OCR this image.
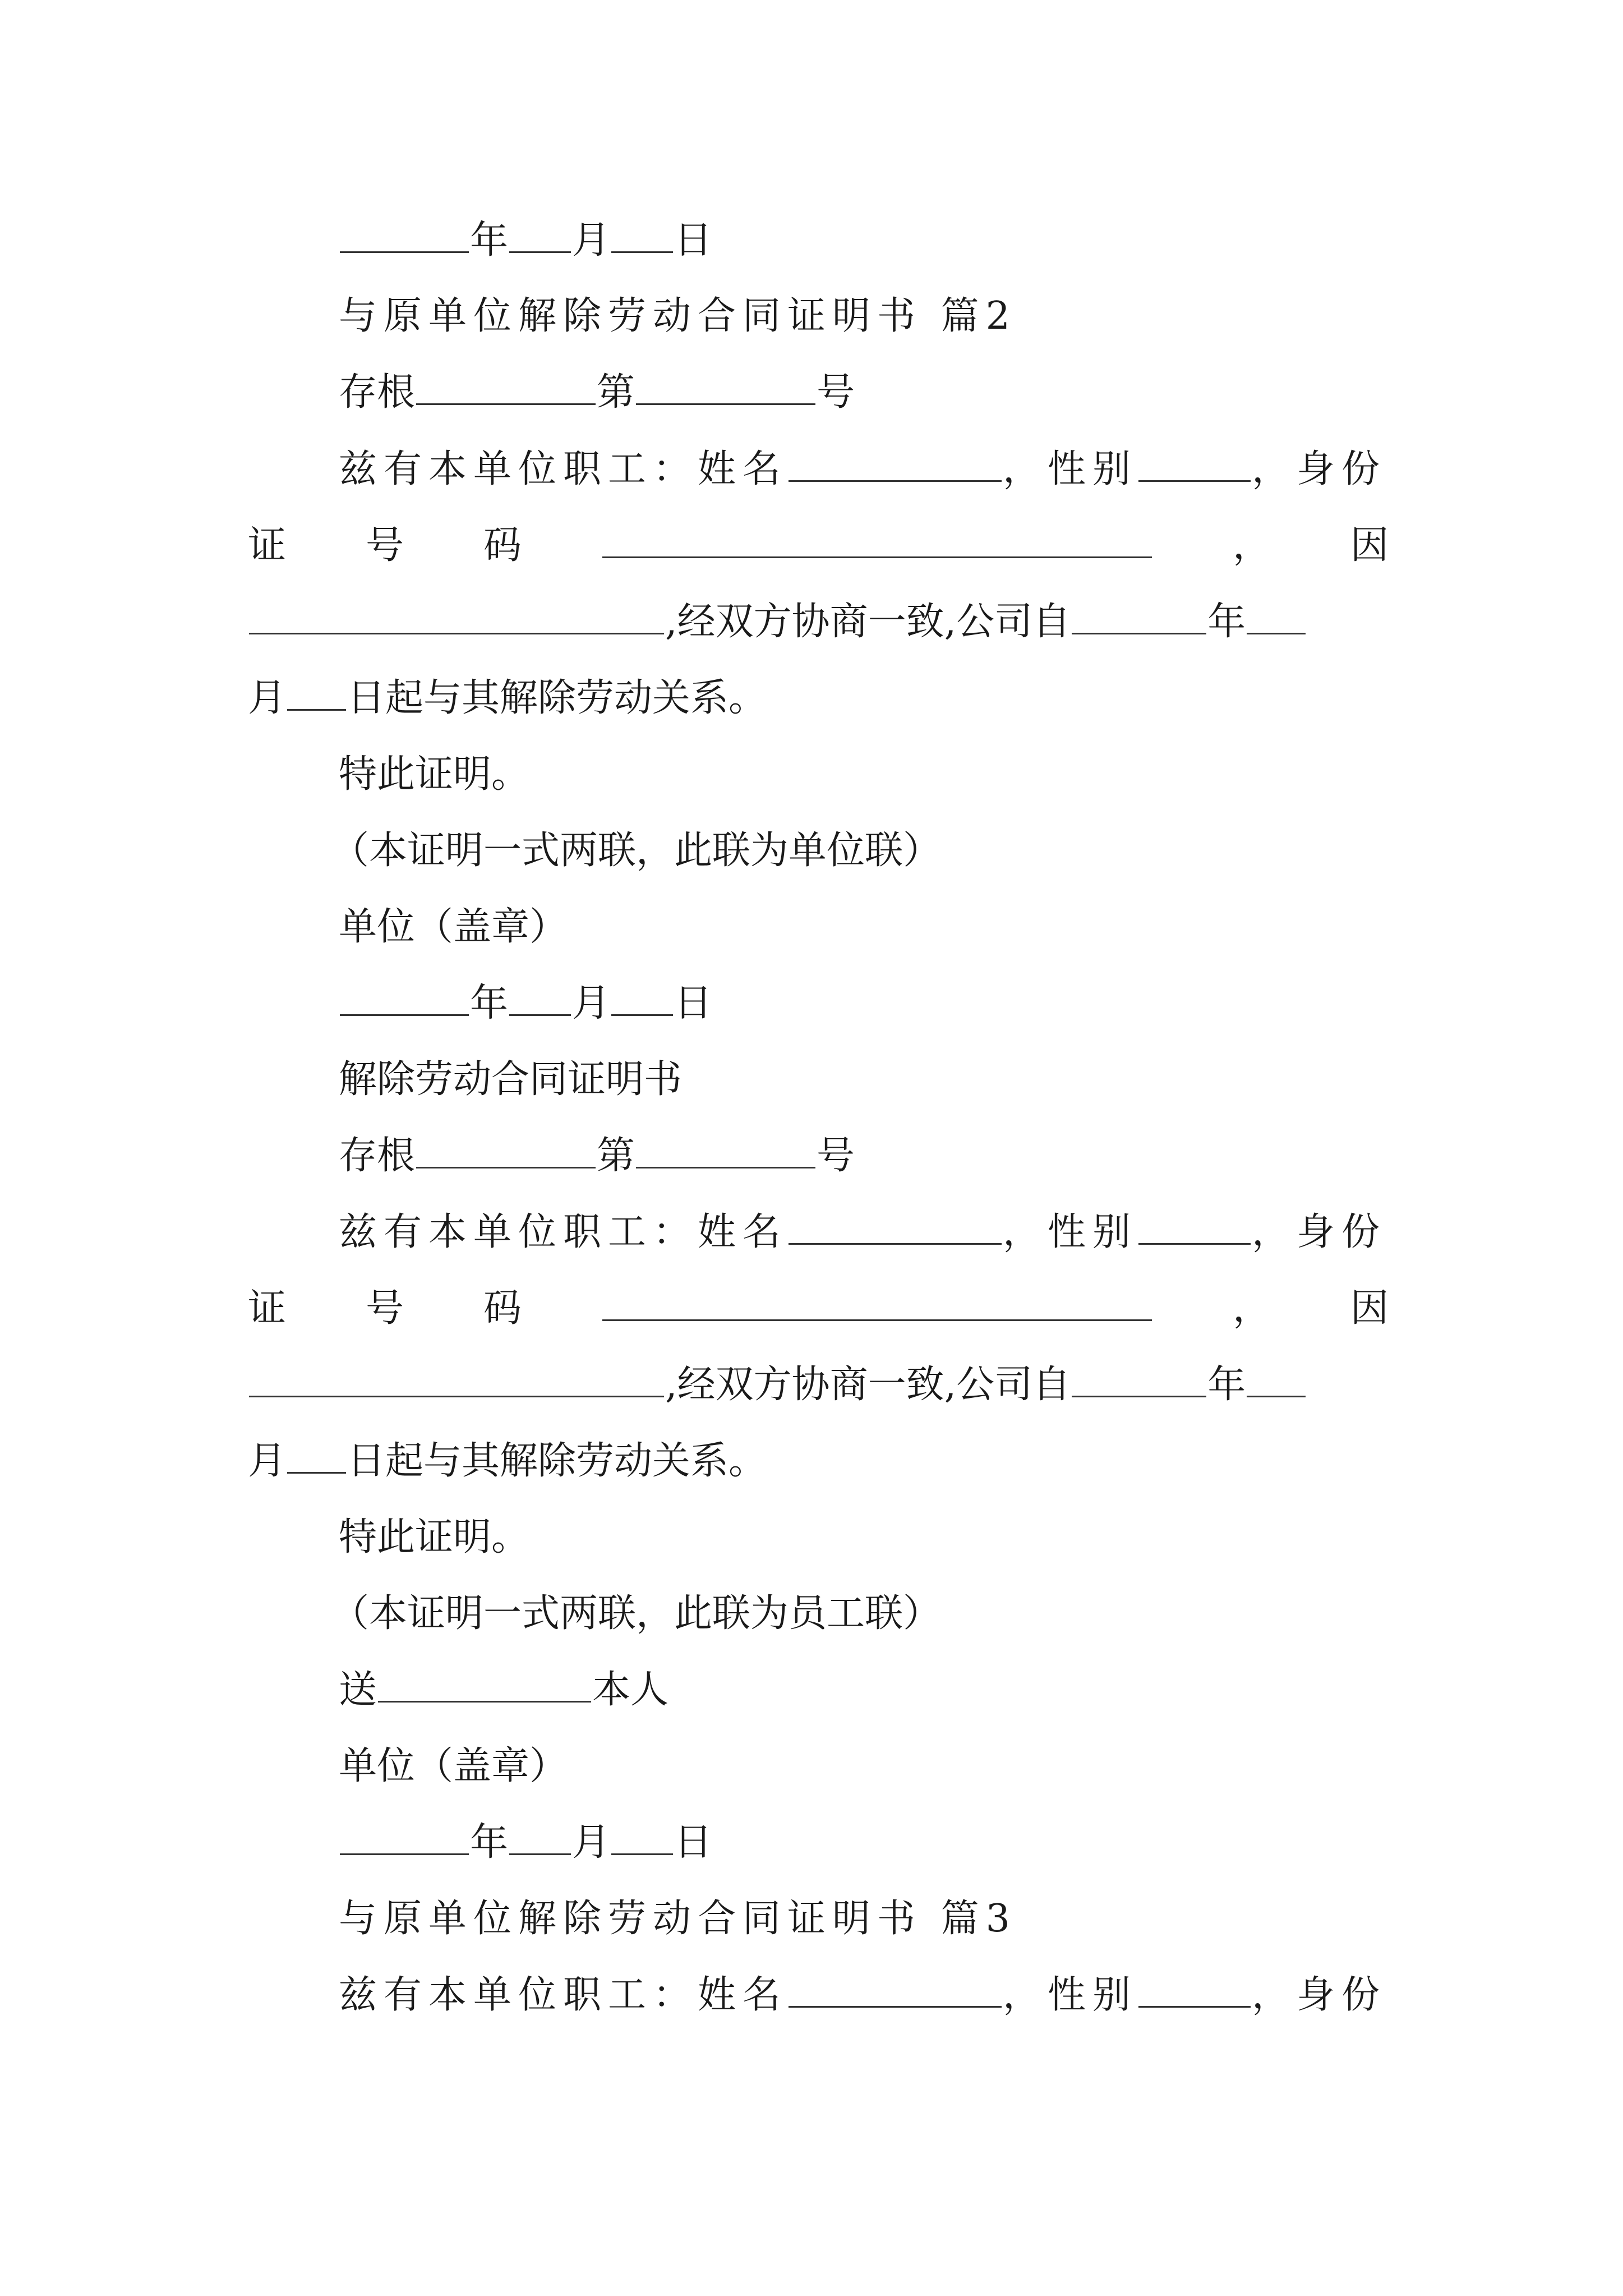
年 月 日
与原单位解除劳动合同证明书 篇2
存根	第	号
兹有本单位职工：姓名	，性别	，身份
证 号 码	， 因
,经双方协商一致,公司自	年
月 日起与其解除劳动关系。
特此证明。
（本证明一式两联，此联为单位联）
单位（盖章）
年 月 日
解除劳动合同证明书
存根	第	号
兹有本单位职工：姓名	，性别	，身份
证 号 码	， 因
,经双方协商一致,公司自	年
月 日起与其解除劳动关系。
特此证明。
（本证明一式两联，此联为员工联）
送	本人
单位（盖章）
年 月 日
与原单位解除劳动合同证明书 篇3
兹有本单位职工：姓名	，性别	，身份
